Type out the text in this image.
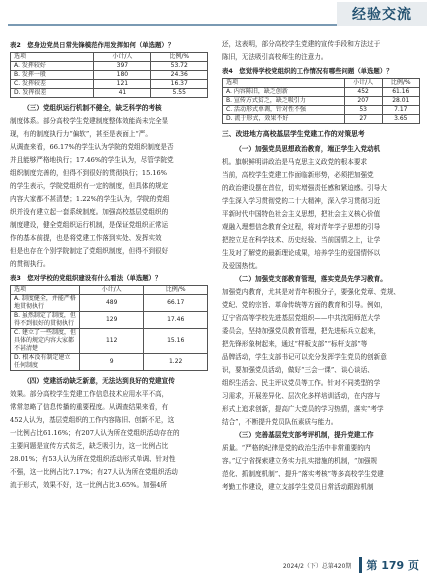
经验交流

表2　您身边党员日常先锋模范作用发挥如何（单选题）？

选项	小计/人	比例/%
A. 发挥较好	397	53.72
B. 发挥一般	180	24.36
C. 发挥较差	121	16.37
D. 发挥很差	41	5.55

（三）党组织运行机制不健全，缺乏科学的考核

制度体系。部分高校学生党建制度整体效能尚未完全显
现，有的制度执行力“偏软”，甚至是表面上“严。
从调查来看，66.17%的学生认为学院的党组织制度是否
并且能够严格地执行；17.46%的学生认为，尽管学院党
组织制度完善的，但得不到很好的贯彻执行；15.16%
的学生表示，学院党组织有一定的制度，但具体的规定
内容大家都不甚清楚；1.22%的学生认为，学院的党组
织并没有建立起一套系统制度。加强高校基层党组织的
制度建设，健全党组织运行机制，是保证党组织正常运
作的基本前提，也是将党建工作落到实处、发挥实效
但是也存在个别学院制定了党组织制度，但得不到很好
的贯彻执行。

表3　您对学校的党组织建设有什么看法（单选题）？

选项	小计/人	比例/%
A. 制度健全，并能严格地贯彻执行	489	66.17
B. 虽然制定了制度，但得不到很好的贯彻执行	129	17.46
C. 建立了一些制度，但具体的规定内容大家都不甚清楚	112	15.16
D. 根本没有制定建立任何制度	9	1.22

（四）党建活动缺乏新意，无法达到良好的党建宣传

效果。部分高校学生党建工作信息技术应用水平不高，
常常忽略了信息传播的重要程度。从调查结果来看，有
452人认为，基层党组织的工作内容陈旧、创新不足，这
一比例占比61.16%；有207人认为所在党组织活动存在的
主要问题是宣传方式贫乏，缺乏吸引力，这一比例占比
28.01%；有53人认为所在党组织活动形式单调、针对性
不强，这一比例占比7.17%；有27人认为所在党组织活动
流于形式，效果不好，这一比例占比3.65%。加强4所
还，这表明，部分高校学生党建的宣传手段和方法过于
陈旧，无法吸引高校师生的注意力。

表4　您觉得学校党组织的工作情况有哪些问题（单选题）？

选项	小计/人	比例/%
A. 内容陈旧，缺乏创新	452	61.16
B. 宣传方式贫乏，缺乏吸引力	207	28.01
C. 活动形式单调，针对性不强	53	7.17
D. 流于形式，效果不好	27	3.65

三、改进地方高校基层学生党建工作的对策思考

（一）加强党员思想政治教育，端正学生入党动机

机。旗帜鲜明讲政治是马克思主义政党的根本要求
当前，高校学生党建工作面临新形势，必须把加强党
的政治建设摆在首位，切实增强责任感和紧迫感。引导大
学生深入学习贯彻党的二十大精神，深入学习贯彻习近
平新时代中国特色社会主义思想，把社会主义核心价值
观融入理想信念教育全过程，将对青年学子思想的引导
把控立足在科学技术、历史经验、当前国情之上，让学
生及对了解党的最新理论成果，培养学生的爱国情怀以
及爱国热忱。

（二）加强党支部教育管理，落实党员先学习教育。

加强党内教育，尤其是对青年积极分子，要强化党章、党规、
党纪、党的宗旨、革命传统等方面的教育和引导。例如，
辽宁省高等学校先进基层党组织——中共沈阳师范大学
委员会，坚持加强党员教育管理，把先进标兵立起来，
把先锋形象树起来，通过“样板支部”“标杆支部”等
品牌活动，学生支部书记可以充分发挥学生党员的创新意
识，要加强党员活动，做好“三会一课”、谈心谈话、
组织生活会、民主评议党员等工作。针对不同类型的学
习需求，开展差异化、层次化多样培训活动，在内容与
形式上追求创新，提高广大党员的学习热情，落实“考学
结合”，不断提升党员队伍素质与能力。

（三）完善基层党支部考评机制，提升党建工作

质量。“严格的纪律是党的政治生活中非常重要的内
容。”辽宁省探索建立务实力扎实措施的机制，“加强规
范化、抓制度机制”、提升“落实考核”等多高校学生党建
考勤工作建设，建立支部学生党员日常活动跟踪机制
2024/2（下）总第420期	第 179 页
